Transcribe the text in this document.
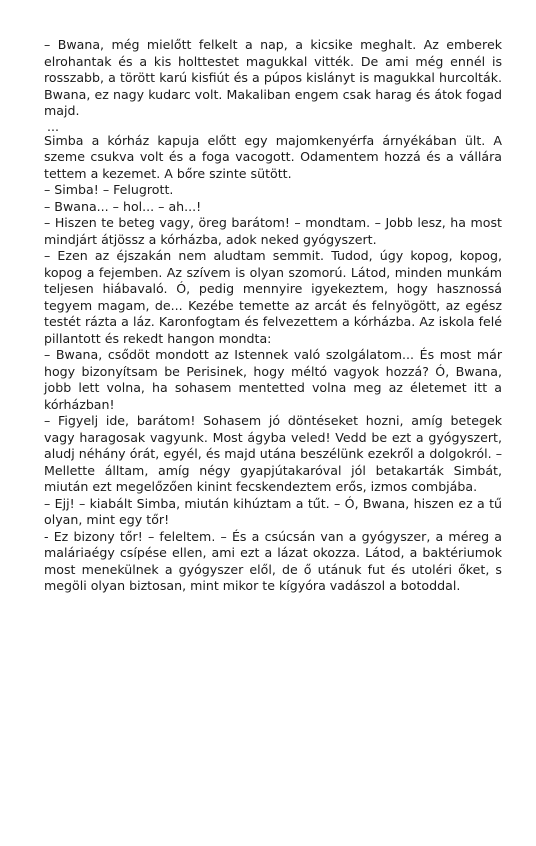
– Bwana, még mielőtt felkelt a nap, a kicsike meghalt. Az emberek elrohantak és a kis holttestet magukkal vitték. De ami még ennél is rosszabb, a törött karú kisfiút és a púpos kislányt is magukkal hurcolták. Bwana, ez nagy kudarc volt. Makaliban engem csak harag és átok fogad majd.

...

Simba a kórház kapuja előtt egy majomkenyérfa árnyékában ült. A szeme csukva volt és a foga vacogott. Odamentem hozzá és a vállára tettem a kezemet. A bőre szinte sütött.

– Simba! – Felugrott.

– Bwana... – hol... – ah...!

– Hiszen te beteg vagy, öreg barátom! – mondtam. – Jobb lesz, ha most mindjárt átjössz a kórházba, adok neked gyógyszert.

– Ezen az éjszakán nem aludtam semmit. Tudod, úgy kopog, kopog, kopog a fejemben. Az szívem is olyan szomorú. Látod, minden munkám teljesen hiábavaló. Ó, pedig mennyire igyekeztem, hogy hasznossá tegyem magam, de... Kezébe temette az arcát és felnyögött, az egész testét rázta a láz. Karonfogtam és felvezettem a kórházba. Az iskola felé pillantott és rekedt hangon mondta:

– Bwana, csődöt mondott az Istennek való szolgálatom... És most már hogy bizonyítsam be Perisinek, hogy méltó vagyok hozzá? Ó, Bwana, jobb lett volna, ha sohasem mentetted volna meg az életemet itt a kórházban!

– Figyelj ide, barátom! Sohasem jó döntéseket hozni, amíg betegek vagy haragosak vagyunk. Most ágyba veled! Vedd be ezt a gyógyszert, aludj néhány órát, egyél, és majd utána beszélünk ezekről a dolgokról. – Mellette álltam, amíg négy gyapjútakaróval jól betakarták Simbát, miután ezt megelőzően kinint fecskendeztem erős, izmos combjába.

– Ejj! – kiabált Simba, miután kihúztam a tűt. – Ó, Bwana, hiszen ez a tű olyan, mint egy tőr!

- Ez bizony tőr! – feleltem. – És a csúcsán van a gyógyszer, a méreg a maláriaégy csípése ellen, ami ezt a lázat okozza. Látod, a baktériumok most menekülnek a gyógyszer elől, de ő utánuk fut és utoléri őket, s megöli olyan biztosan, mint mikor te kígyóra vadászol a botoddal.
